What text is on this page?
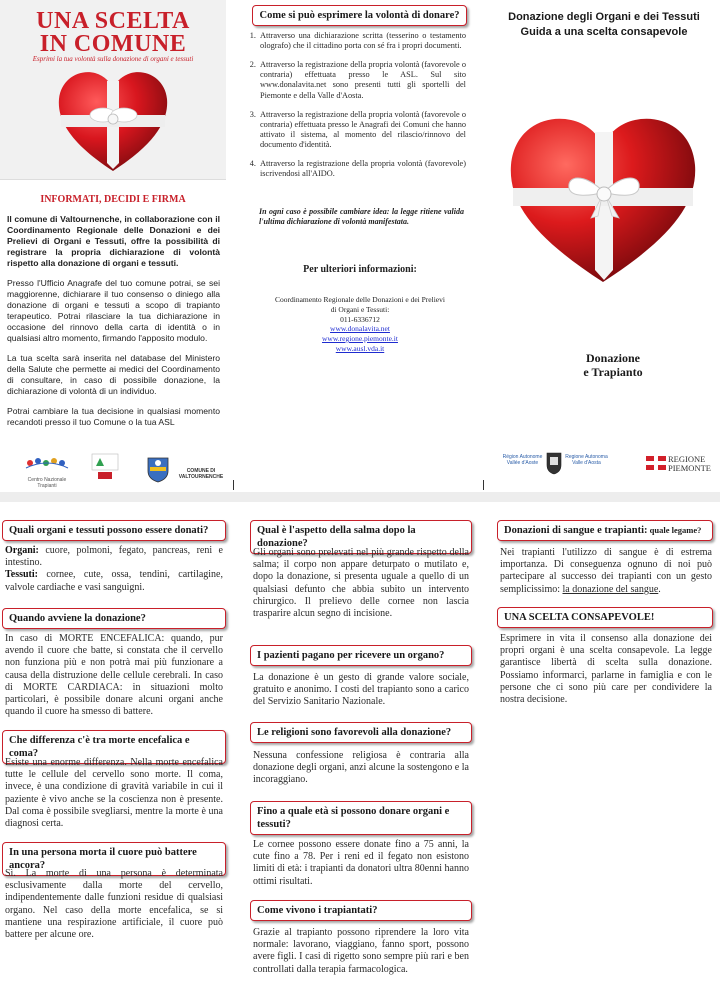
UNA SCELTA
IN COMUNE
Esprimi la tua volontà sulla donazione di organi e tessuti
INFORMATI, DECIDI E FIRMA

Il comune di Valtournenche, in collaborazione con il Coordinamento Regionale delle Donazioni e dei Prelievi di Organi e Tessuti, offre la possibilità di registrare la propria dichiarazione di volontà rispetto alla donazione di organi e tessuti.

Presso l'Ufficio Anagrafe del tuo comune potrai, se sei maggiorenne, dichiarare il tuo consenso o diniego alla donazione di organi e tessuti a scopo di trapianto terapeutico. Potrai rilasciare la tua dichiarazione in occasione del rinnovo della carta di identità o in qualsiasi altro momento, firmando l'apposito modulo.

La tua scelta sarà inserita nel database del Ministero della Salute che permette ai medici del Coordinamento di consultare, in caso di possibile donazione, la dichiarazione di volontà di un individuo.

Potrai cambiare la tua decisione in qualsiasi momento recandoti presso il tuo Comune o la tua ASL

Centro Nazionale Trapianti
COMUNE DI VALTOURNENCHE
Come si può esprimere la volontà di donare?
1. Attraverso una dichiarazione scritta (tesserino o testamento olografo) che il cittadino porta con sé fra i propri documenti.
2. Attraverso la registrazione della propria volontà (favorevole o contraria) effettuata presso le ASL. Sul sito www.donalavita.net sono presenti tutti gli sportelli del Piemonte e della Valle d'Aosta.
3. Attraverso la registrazione della propria volontà (favorevole o contraria) effettuata presso le Anagrafi dei Comuni che hanno attivato il sistema, al momento del rilascio/rinnovo del documento d'identità.
4. Attraverso la registrazione della propria volontà (favorevole) iscrivendosi all'AIDO.
In ogni caso è possibile cambiare idea: la legge ritiene valida l'ultima dichiarazione di volontà manifestata.
Per ulteriori informazioni:
Coordinamento Regionale delle Donazioni e dei Prelievi
di Organi e Tessuti:
011-6336712
www.donalavita.net
www.regione.piemonte.it
www.ausl.vda.it
Donazione degli Organi e dei Tessuti
Guida a una scelta consapevole
Donazione
e Trapianto
Région Autonome Vallée d'Aoste
Regione Autonoma Valle d'Aosta	REGIONE
PIEMONTE
Quali organi e tessuti possono essere donati?
Organi: cuore, polmoni, fegato, pancreas, reni e intestino.
Tessuti: cornee, cute, ossa, tendini, cartilagine, valvole cardiache e vasi sanguigni.
Quando avviene la donazione?
In caso di MORTE ENCEFALICA: quando, pur avendo il cuore che batte, si constata che il cervello non funziona più e non potrà mai più funzionare a causa della distruzione delle cellule cerebrali. In caso di MORTE CARDIACA: in situazioni molto particolari, è possibile donare alcuni organi anche quando il cuore ha smesso di battere.
Che differenza c'è tra morte encefalica e coma?
Esiste una enorme differenza. Nella morte encefalica tutte le cellule del cervello sono morte. Il coma, invece, è una condizione di gravità variabile in cui il paziente è vivo anche se la coscienza non è presente. Dal coma è possibile svegliarsi, mentre la morte è una diagnosi certa.
In una persona morta il cuore può battere ancora?
Sì. La morte di una persona è determinata esclusivamente dalla morte del cervello, indipendentemente dalle funzioni residue di qualsiasi organo. Nel caso della morte encefalica, se si mantiene una respirazione artificiale, il cuore può battere per alcune ore.
Qual è l'aspetto della salma dopo la donazione?
Gli organi sono prelevati nel più grande rispetto della salma; il corpo non appare deturpato o mutilato e, dopo la donazione, si presenta uguale a quello di un qualsiasi defunto che abbia subito un intervento chirurgico. Il prelievo delle cornee non lascia trasparire alcun segno di incisione.
I pazienti pagano per ricevere un organo?
La donazione è un gesto di grande valore sociale, gratuito e anonimo. I costi del trapianto sono a carico del Servizio Sanitario Nazionale.
Le religioni sono favorevoli alla donazione?
Nessuna confessione religiosa è contraria alla donazione degli organi, anzi alcune la sostengono e la incoraggiano.
Fino a quale età si possono donare organi e tessuti?
Le cornee possono essere donate fino a 75 anni, la cute fino a 78. Per i reni ed il fegato non esistono limiti di età: i trapianti da donatori ultra 80enni hanno ottimi risultati.
Come vivono i trapiantati?
Grazie al trapianto possono riprendere la loro vita normale: lavorano, viaggiano, fanno sport, possono avere figli. I casi di rigetto sono sempre più rari e ben controllati dalla terapia farmacologica.
Donazioni di sangue e trapianti: quale legame?
Nei trapianti l'utilizzo di sangue è di estrema importanza. Di conseguenza ognuno di noi può partecipare al successo dei trapianti con un gesto semplicissimo: la donazione del sangue.
UNA SCELTA CONSAPEVOLE!
Esprimere in vita il consenso alla donazione dei propri organi è una scelta consapevole. La legge garantisce libertà di scelta sulla donazione. Possiamo informarci, parlarne in famiglia e con le persone che ci sono più care per condividere la nostra decisione.
